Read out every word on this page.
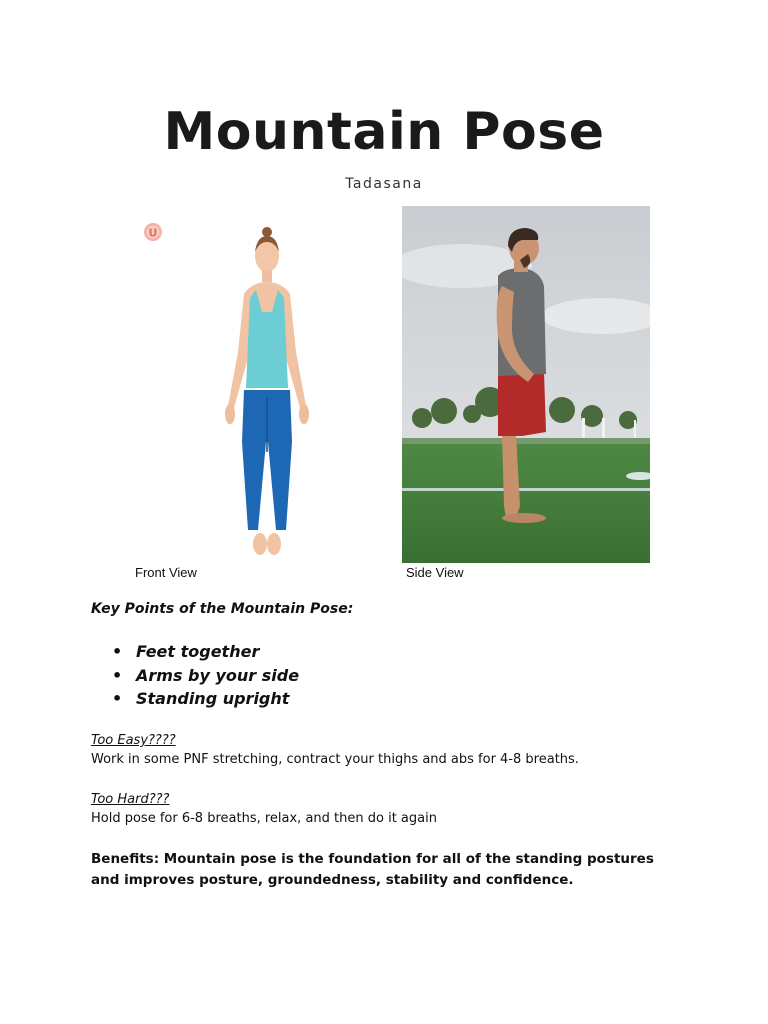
Mountain Pose
Tadasana
U
Front View	Side View
Key Points of the Mountain Pose:
• Feet together
• Arms by your side
• Standing upright
Too Easy????
Work in some PNF stretching, contract your thighs and abs for 4-8 breaths.
Too Hard???
Hold pose for 6-8 breaths, relax, and then do it again
Benefits: Mountain pose is the foundation for all of the standing postures and improves posture, groundedness, stability and confidence.
